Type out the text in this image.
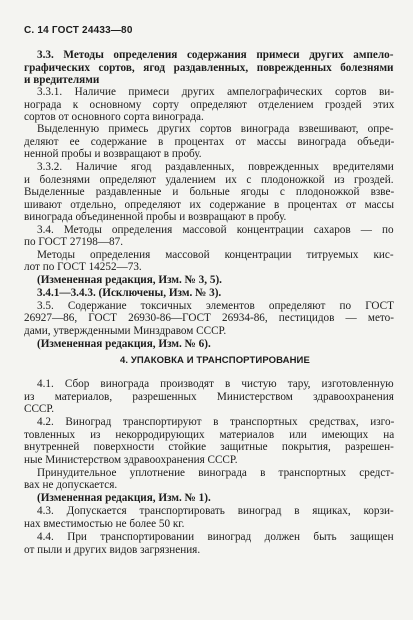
С. 14 ГОСТ 24433—80
3.3. Методы определения содержания примеси других ампело-
графических сортов, ягод раздавленных, поврежденных болезнями
и вредителями
3.3.1. Наличие примеси других ампелографических сортов ви-
нограда к основному сорту определяют отделением гроздей этих
сортов от основного сорта винограда.
Выделенную примесь других сортов винограда взвешивают, опре-
деляют ее содержание в процентах от массы винограда объеди-
ненной пробы и возвращают в пробу.
3.3.2. Наличие ягод раздавленных, поврежденных вредителями
и болезнями определяют удалением их с плодоножкой из гроздей.
Выделенные раздавленные и больные ягоды с плодоножкой взве-
шивают отдельно, определяют их содержание в процентах от массы
винограда объединенной пробы и возвращают в пробу.
3.4. Методы определения массовой концентрации сахаров — по
по ГОСТ 27198—87.
Методы определения массовой концентрации титруемых кис-
лот по ГОСТ 14252—73.
(Измененная редакция, Изм. № 3, 5).
3.4.1—3.4.3. (Исключены, Изм. № 3).
3.5. Содержание токсичных элементов определяют по ГОСТ
26927—86, ГОСТ 26930-86—ГОСТ 26934-86, пестицидов — мето-
дами, утвержденными Минздравом СССР.
(Измененная редакция, Изм. № 6).
4.1. Сбор винограда производят в чистую тару, изготовленную
из материалов, разрешенных Министерством здравоохранения
СССР.
4.2. Виноград транспортируют в транспортных средствах, изго-
товленных из некорродирующих материалов или имеющих на
внутренней поверхности стойкие защитные покрытия, разрешен-
ные Министерством здравоохранения СССР.
Принудительное уплотнение винограда в транспортных средст-
вах не допускается.
(Измененная редакция, Изм. № 1).
4.3. Допускается транспортировать виноград в ящиках, корзи-
нах вместимостью не более 50 кг.
4.4. При транспортировании виноград должен быть защищен
от пыли и других видов загрязнения.
4. УПАКОВКА И ТРАНСПОРТИРОВАНИЕ
